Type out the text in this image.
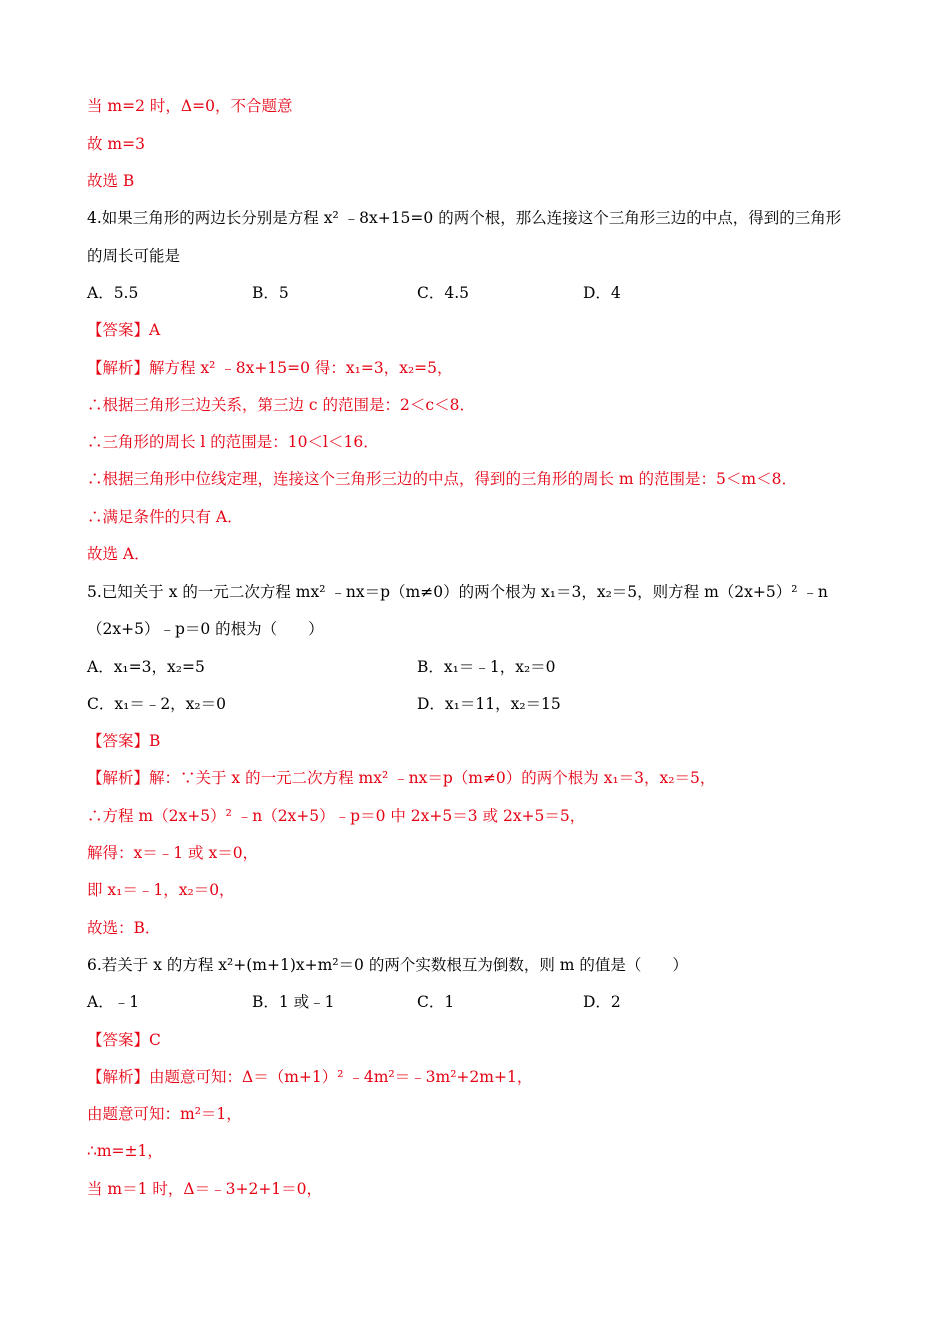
当 m=2 时，Δ=0，不合题意
故 m=3
故选 B
4.如果三角形的两边长分别是方程 x² ﹣8x+15=0 的两个根，那么连接这个三角形三边的中点，得到的三角形
的周长可能是
A．5.5	B．5	C．4.5	D．4
【答案】A
【解析】解方程 x² ﹣8x+15=0 得：x₁=3，x₂=5，
∴根据三角形三边关系，第三边 c 的范围是：2＜c＜8．
∴三角形的周长 l 的范围是：10＜l＜16．
∴根据三角形中位线定理，连接这个三角形三边的中点，得到的三角形的周长 m 的范围是：5＜m＜8．
∴满足条件的只有 A．
故选 A．
5.已知关于 x 的一元二次方程 mx² ﹣nx＝p（m≠0）的两个根为 x₁＝3，x₂＝5，则方程 m（2x+5）² ﹣n
（2x+5）﹣p＝0 的根为（　　）
A．x₁=3，x₂=5	B．x₁＝﹣1，x₂＝0
C．x₁＝﹣2，x₂＝0	D．x₁＝11，x₂＝15
【答案】B
【解析】解：∵关于 x 的一元二次方程 mx² ﹣nx＝p（m≠0）的两个根为 x₁＝3，x₂＝5，
∴方程 m（2x+5）² ﹣n（2x+5）﹣p＝0 中 2x+5＝3 或 2x+5＝5，
解得：x＝﹣1 或 x＝0，
即 x₁＝﹣1，x₂＝0，
故选：B．
6.若关于 x 的方程 x²+(m+1)x+m²＝0 的两个实数根互为倒数，则 m 的值是（　　）
A．﹣1	B．1 或﹣1	C．1	D．2
【答案】C
【解析】由题意可知：Δ＝（m+1）² ﹣4m²＝﹣3m²+2m+1，
由题意可知：m²＝1，
∴m=±1，
当 m＝1 时，Δ＝﹣3+2+1＝0，
